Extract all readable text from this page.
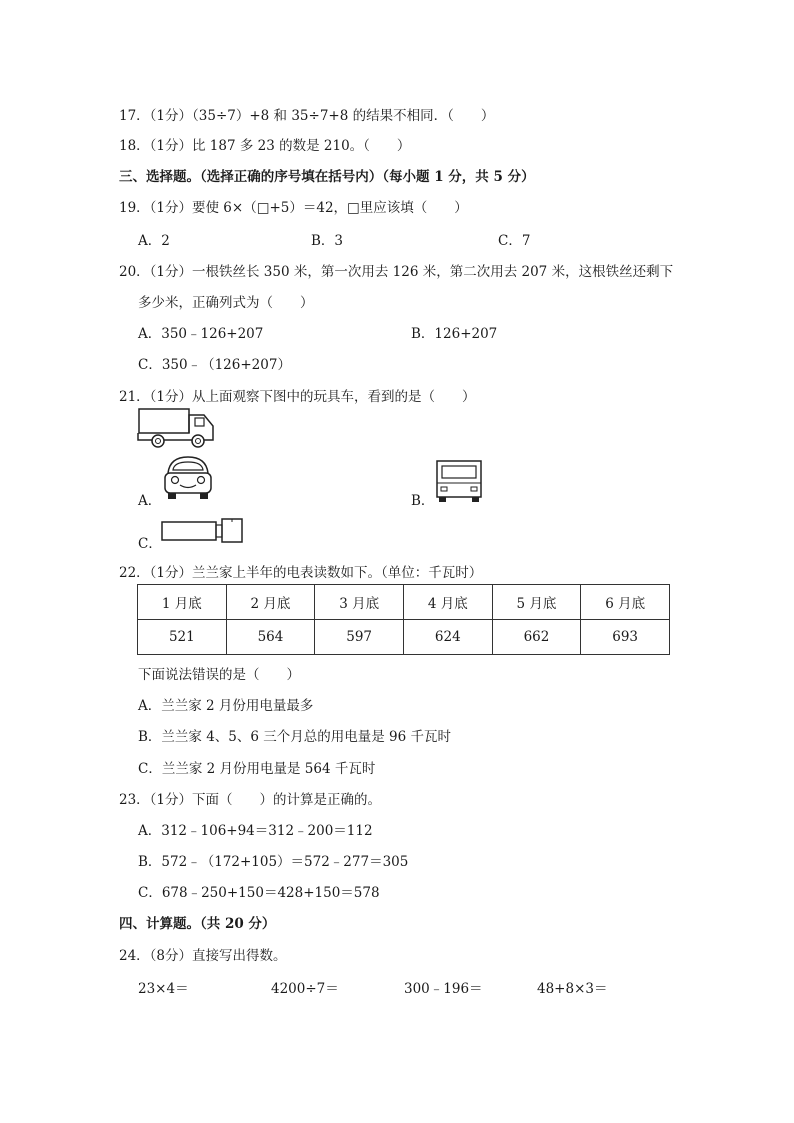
17．（1分）（35÷7）+8 和 35÷7+8 的结果不相同．（　　）
18．（1分）比 187 多 23 的数是 210。（　　）
三、选择题。（选择正确的序号填在括号内）（每小题 1 分，共 5 分）
19．（1分）要使 6×（□+5）＝42，□里应该填（　　）
A．2	B．3	C．7
20．（1分）一根铁丝长 350 米，第一次用去 126 米，第二次用去 207 米，这根铁丝还剩下
多少米，正确列式为（　　）
A．350﹣126+207	B．126+207
C．350﹣（126+207）
21．（1分）从上面观察下图中的玩具车，看到的是（　　）
A．	B．
C．
22．（1分）兰兰家上半年的电表读数如下。（单位：千瓦时）
1 月底	2 月底	3 月底	4 月底	5 月底	6 月底
521	564	597	624	662	693
下面说法错误的是（　　）
A．兰兰家 2 月份用电量最多
B．兰兰家 4、5、6 三个月总的用电量是 96 千瓦时
C．兰兰家 2 月份用电量是 564 千瓦时
23．（1分）下面（　　）的计算是正确的。
A．312﹣106+94＝312﹣200＝112
B．572﹣（172+105）＝572﹣277＝305
C．678﹣250+150＝428+150＝578
四、计算题。（共 20 分）
24．（8分）直接写出得数。
23×4＝	4200÷7＝	300﹣196＝	48+8×3＝
